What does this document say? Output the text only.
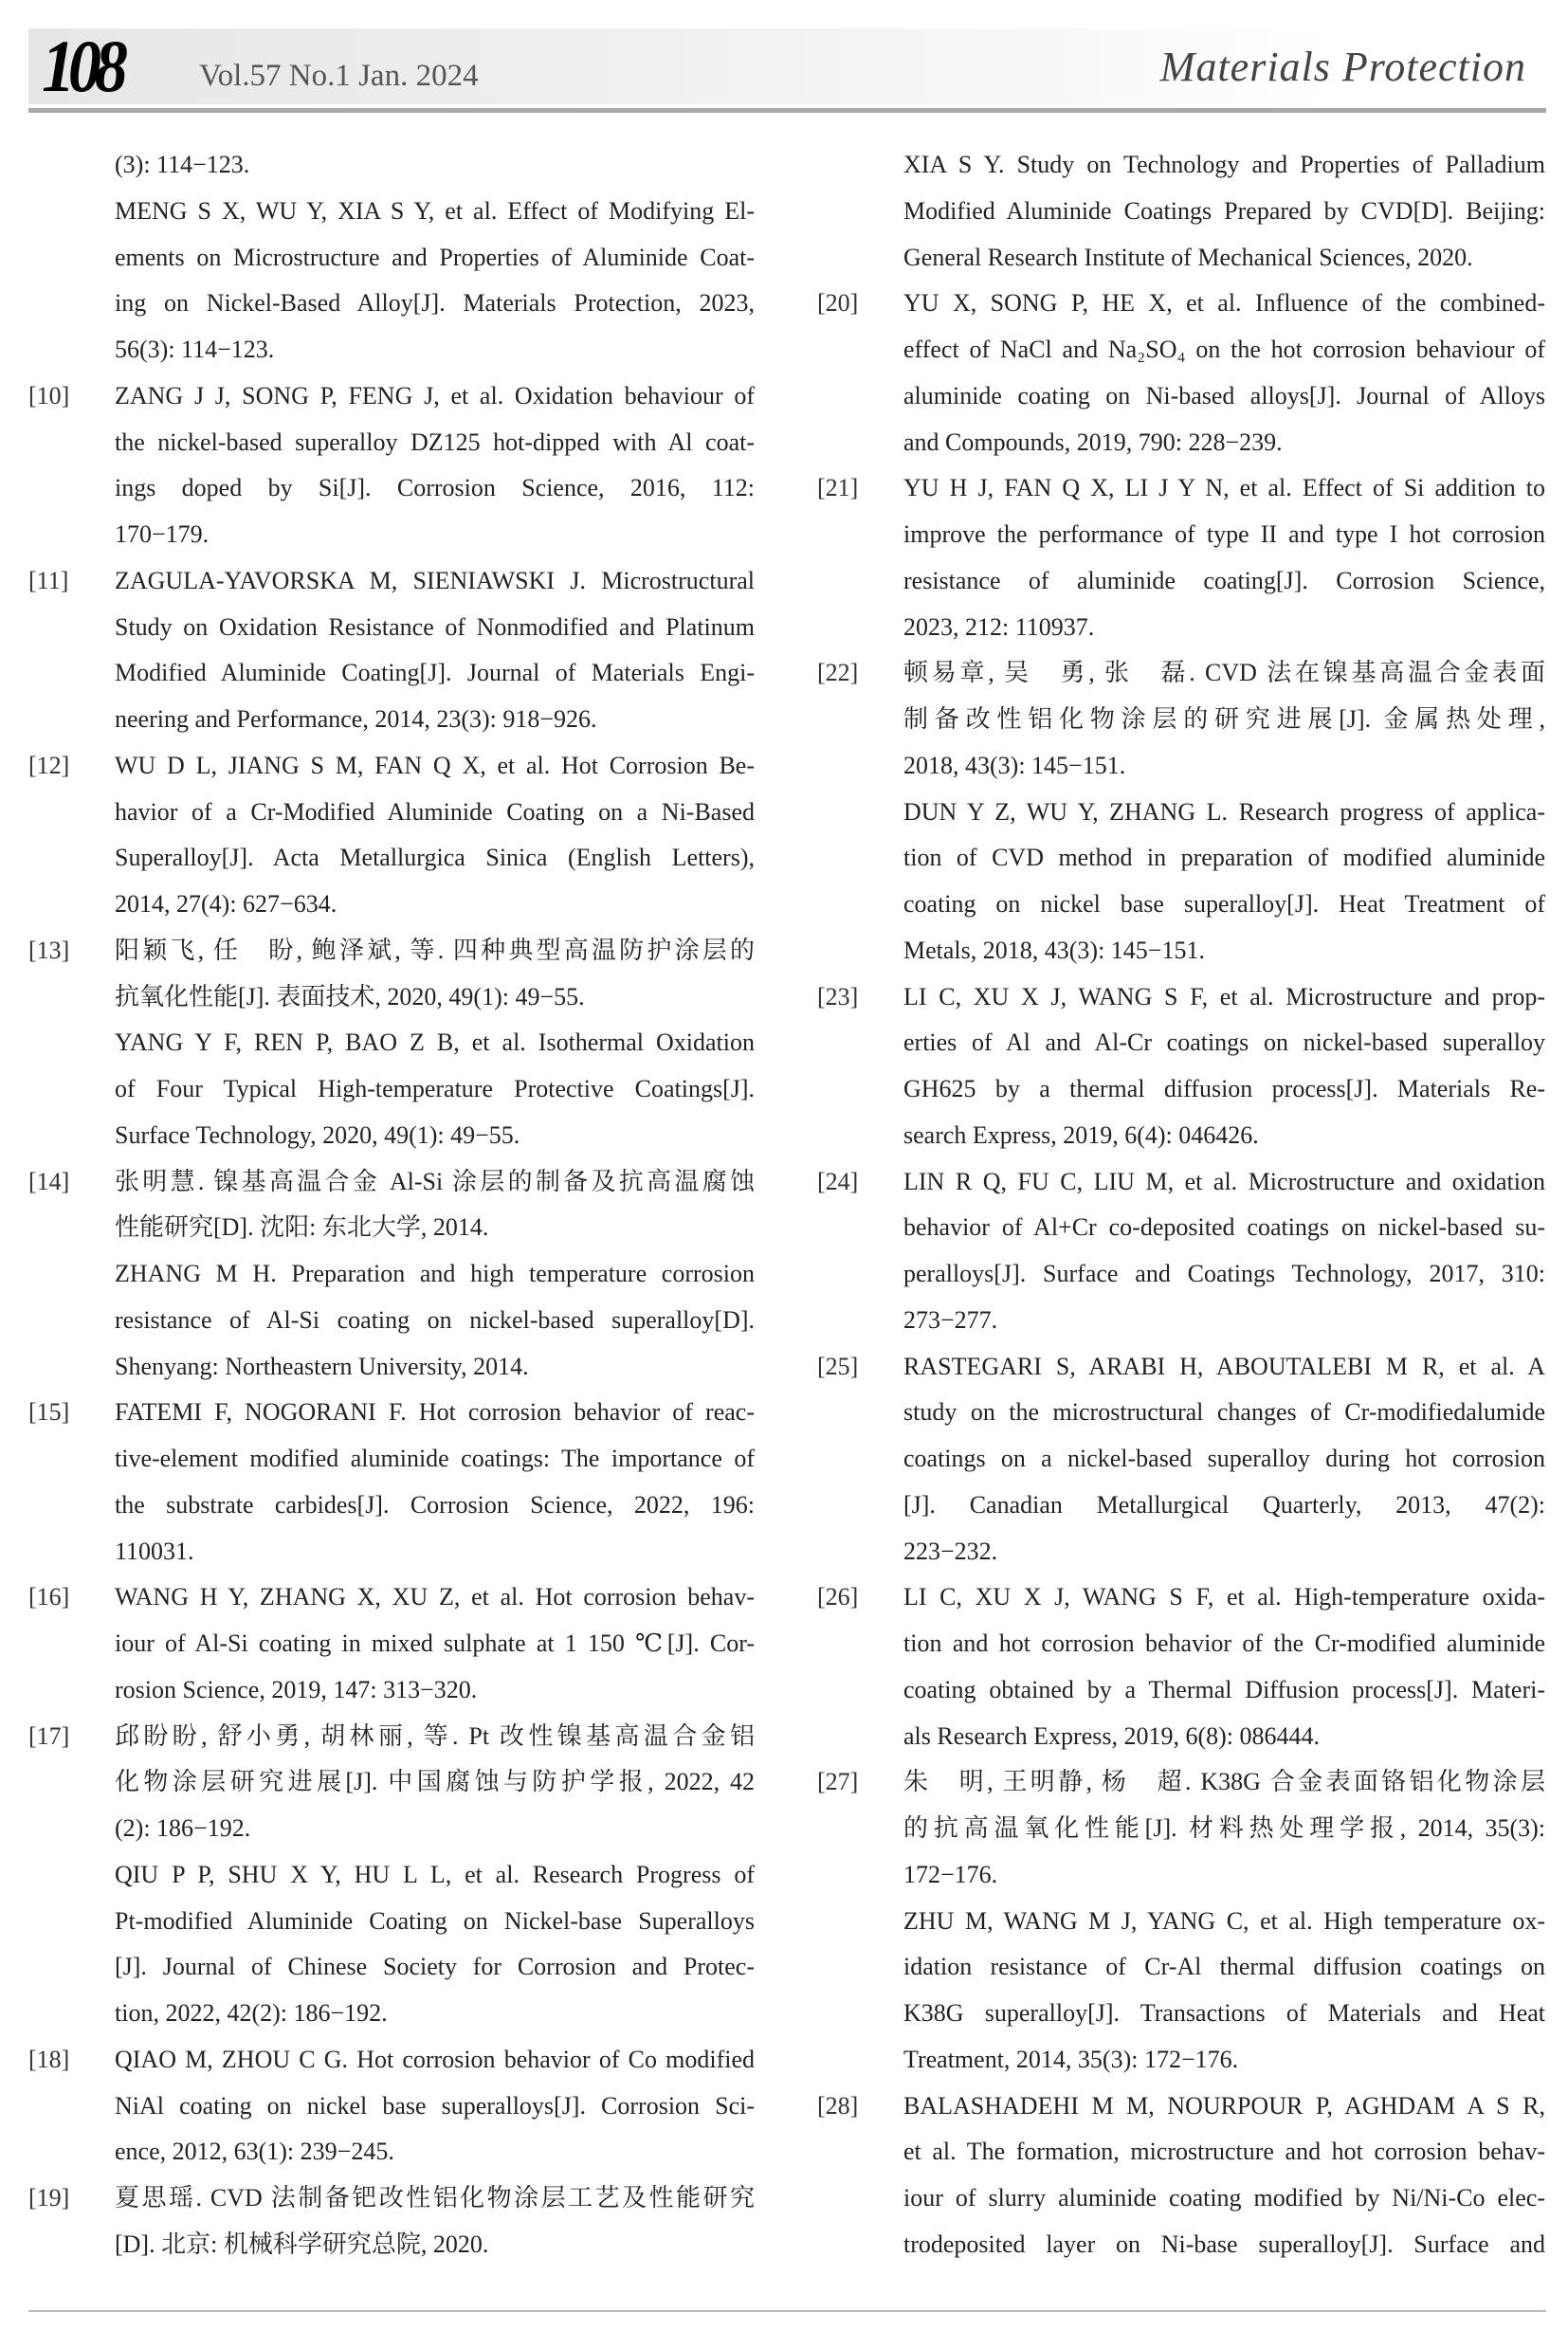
108 Vol.57 No.1 Jan. 2024	Materials Protection
(3): 114−123.
MENG S X, WU Y, XIA S Y, et al. Effect of Modifying El-
ements on Microstructure and Properties of Aluminide Coat-
ing on Nickel-Based Alloy[J]. Materials Protection, 2023,
56(3): 114−123.
[10] ZANG J J, SONG P, FENG J, et al. Oxidation behaviour of
the nickel-based superalloy DZ125 hot-dipped with Al coat-
ings doped by Si[J]. Corrosion Science, 2016, 112:
170−179.
[11] ZAGULA-YAVORSKA M, SIENIAWSKI J. Microstructural
Study on Oxidation Resistance of Nonmodified and Platinum
Modified Aluminide Coating[J]. Journal of Materials Engi-
neering and Performance, 2014, 23(3): 918−926.
[12] WU D L, JIANG S M, FAN Q X, et al. Hot Corrosion Be-
havior of a Cr-Modified Aluminide Coating on a Ni-Based
Superalloy[J]. Acta Metallurgica Sinica (English Letters),
2014, 27(4): 627−634.
[13] 阳颖飞, 任　盼, 鲍泽斌, 等. 四种典型高温防护涂层的
抗氧化性能[J]. 表面技术, 2020, 49(1): 49−55.
YANG Y F, REN P, BAO Z B, et al. Isothermal Oxidation
of Four Typical High-temperature Protective Coatings[J].
Surface Technology, 2020, 49(1): 49−55.
[14] 张明慧. 镍基高温合金 Al-Si 涂层的制备及抗高温腐蚀
性能研究[D]. 沈阳: 东北大学, 2014.
ZHANG M H. Preparation and high temperature corrosion
resistance of Al-Si coating on nickel-based superalloy[D].
Shenyang: Northeastern University, 2014.
[15] FATEMI F, NOGORANI F. Hot corrosion behavior of reac-
tive-element modified aluminide coatings: The importance of
the substrate carbides[J]. Corrosion Science, 2022, 196:
110031.
[16] WANG H Y, ZHANG X, XU Z, et al. Hot corrosion behav-
iour of Al-Si coating in mixed sulphate at 1 150 ℃[J]. Cor-
rosion Science, 2019, 147: 313−320.
[17] 邱盼盼, 舒小勇, 胡林丽, 等. Pt 改性镍基高温合金铝
化物涂层研究进展[J]. 中国腐蚀与防护学报, 2022, 42
(2): 186−192.
QIU P P, SHU X Y, HU L L, et al. Research Progress of
Pt-modified Aluminide Coating on Nickel-base Superalloys
[J]. Journal of Chinese Society for Corrosion and Protec-
tion, 2022, 42(2): 186−192.
[18] QIAO M, ZHOU C G. Hot corrosion behavior of Co modified
NiAl coating on nickel base superalloys[J]. Corrosion Sci-
ence, 2012, 63(1): 239−245.
[19] 夏思瑶. CVD 法制备钯改性铝化物涂层工艺及性能研究
[D]. 北京: 机械科学研究总院, 2020.
XIA S Y. Study on Technology and Properties of Palladium
Modified Aluminide Coatings Prepared by CVD[D]. Beijing:
General Research Institute of Mechanical Sciences, 2020.
[20] YU X, SONG P, HE X, et al. Influence of the combined-
effect of NaCl and Na₂SO₄ on the hot corrosion behaviour of
aluminide coating on Ni-based alloys[J]. Journal of Alloys
and Compounds, 2019, 790: 228−239.
[21] YU H J, FAN Q X, LI J Y N, et al. Effect of Si addition to
improve the performance of type II and type I hot corrosion
resistance of aluminide coating[J]. Corrosion Science,
2023, 212: 110937.
[22] 顿易章, 吴　勇, 张　磊. CVD 法在镍基高温合金表面
制备改性铝化物涂层的研究进展[J]. 金属热处理,
2018, 43(3): 145−151.
DUN Y Z, WU Y, ZHANG L. Research progress of applica-
tion of CVD method in preparation of modified aluminide
coating on nickel base superalloy[J]. Heat Treatment of
Metals, 2018, 43(3): 145−151.
[23] LI C, XU X J, WANG S F, et al. Microstructure and prop-
erties of Al and Al-Cr coatings on nickel-based superalloy
GH625 by a thermal diffusion process[J]. Materials Re-
search Express, 2019, 6(4): 046426.
[24] LIN R Q, FU C, LIU M, et al. Microstructure and oxidation
behavior of Al+Cr co-deposited coatings on nickel-based su-
peralloys[J]. Surface and Coatings Technology, 2017, 310:
273−277.
[25] RASTEGARI S, ARABI H, ABOUTALEBI M R, et al. A
study on the microstructural changes of Cr-modifiedalumide
coatings on a nickel-based superalloy during hot corrosion
[J]. Canadian Metallurgical Quarterly, 2013, 47(2):
223−232.
[26] LI C, XU X J, WANG S F, et al. High-temperature oxida-
tion and hot corrosion behavior of the Cr-modified aluminide
coating obtained by a Thermal Diffusion process[J]. Materi-
als Research Express, 2019, 6(8): 086444.
[27] 朱　明, 王明静, 杨　超. K38G 合金表面铬铝化物涂层
的抗高温氧化性能[J]. 材料热处理学报, 2014, 35(3):
172−176.
ZHU M, WANG M J, YANG C, et al. High temperature ox-
idation resistance of Cr-Al thermal diffusion coatings on
K38G superalloy[J]. Transactions of Materials and Heat
Treatment, 2014, 35(3): 172−176.
[28] BALASHADEHI M M, NOURPOUR P, AGHDAM A S R,
et al. The formation, microstructure and hot corrosion behav-
iour of slurry aluminide coating modified by Ni/Ni-Co elec-
trodeposited layer on Ni-base superalloy[J]. Surface and
